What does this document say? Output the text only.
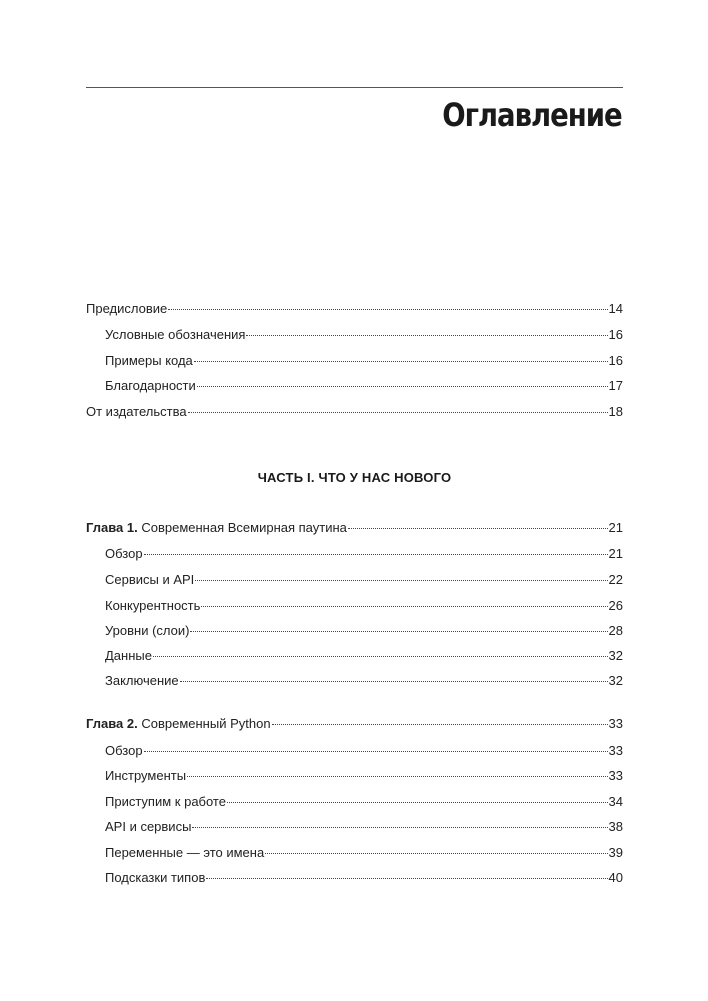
Оглавление
Предисловие	14
Условные обозначения	16
Примеры кода	16
Благодарности	17
От издательства	18
ЧАСТЬ I. ЧТО У НАС НОВОГО
Глава 1. Современная Всемирная паутина	21
Обзор	21
Сервисы и API	22
Конкурентность	26
Уровни (слои)	28
Данные	32
Заключение	32
Глава 2. Современный Python	33
Обзор	33
Инструменты	33
Приступим к работе	34
API и сервисы	38
Переменные — это имена	39
Подсказки типов	40
